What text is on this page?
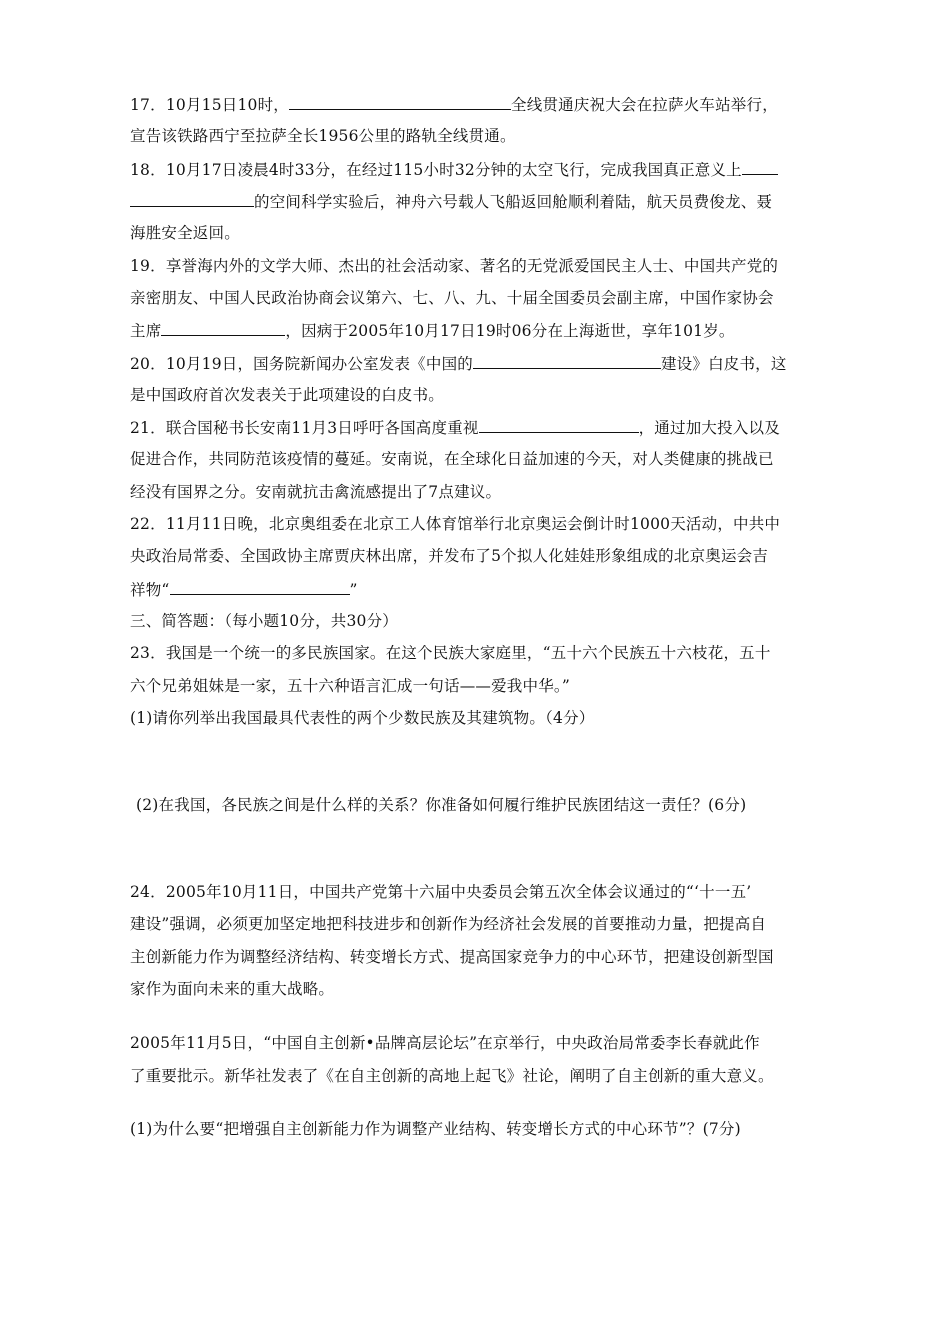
17．10月15日10时，	全线贯通庆祝大会在拉萨火车站举行，
宣告该铁路西宁至拉萨全长1956公里的路轨全线贯通。
18．10月17日凌晨4时33分，在经过115小时32分钟的太空飞行，完成我国真正意义上
的空间科学实验后，神舟六号载人飞船返回舱顺利着陆，航天员费俊龙、聂
海胜安全返回。
19．享誉海内外的文学大师、杰出的社会活动家、著名的无党派爱国民主人士、中国共产党的
亲密朋友、中国人民政治协商会议第六、七、八、九、十届全国委员会副主席，中国作家协会
主席	，因病于2005年10月17日19时06分在上海逝世，享年101岁。
20．10月19日，国务院新闻办公室发表《中国的	建设》白皮书，这
是中国政府首次发表关于此项建设的白皮书。
21．联合国秘书长安南11月3日呼吁各国高度重视	，通过加大投入以及
促进合作，共同防范该疫情的蔓延。安南说，在全球化日益加速的今天，对人类健康的挑战已
经没有国界之分。安南就抗击禽流感提出了7点建议。
22．11月11日晚，北京奥组委在北京工人体育馆举行北京奥运会倒计时1000天活动，中共中
央政治局常委、全国政协主席贾庆林出席，并发布了5个拟人化娃娃形象组成的北京奥运会吉
祥物“	”
三、简答题：（每小题10分，共30分）
23．我国是一个统一的多民族国家。在这个民族大家庭里，“五十六个民族五十六枝花，五十
六个兄弟姐妹是一家，五十六种语言汇成一句话——爱我中华。”
(1)请你列举出我国最具代表性的两个少数民族及其建筑物。（4分）
(2)在我国，各民族之间是什么样的关系？你准备如何履行维护民族团结这一责任？(6分)
24．2005年10月11日，中国共产党第十六届中央委员会第五次全体会议通过的“‘十一五’
建设”强调，必须更加坚定地把科技进步和创新作为经济社会发展的首要推动力量，把提高自
主创新能力作为调整经济结构、转变增长方式、提高国家竞争力的中心环节，把建设创新型国
家作为面向未来的重大战略。
2005年11月5日，“中国自主创新•品牌高层论坛”在京举行，中央政治局常委李长春就此作
了重要批示。新华社发表了《在自主创新的高地上起飞》社论，阐明了自主创新的重大意义。
(1)为什么要“把增强自主创新能力作为调整产业结构、转变增长方式的中心环节”？(7分)
